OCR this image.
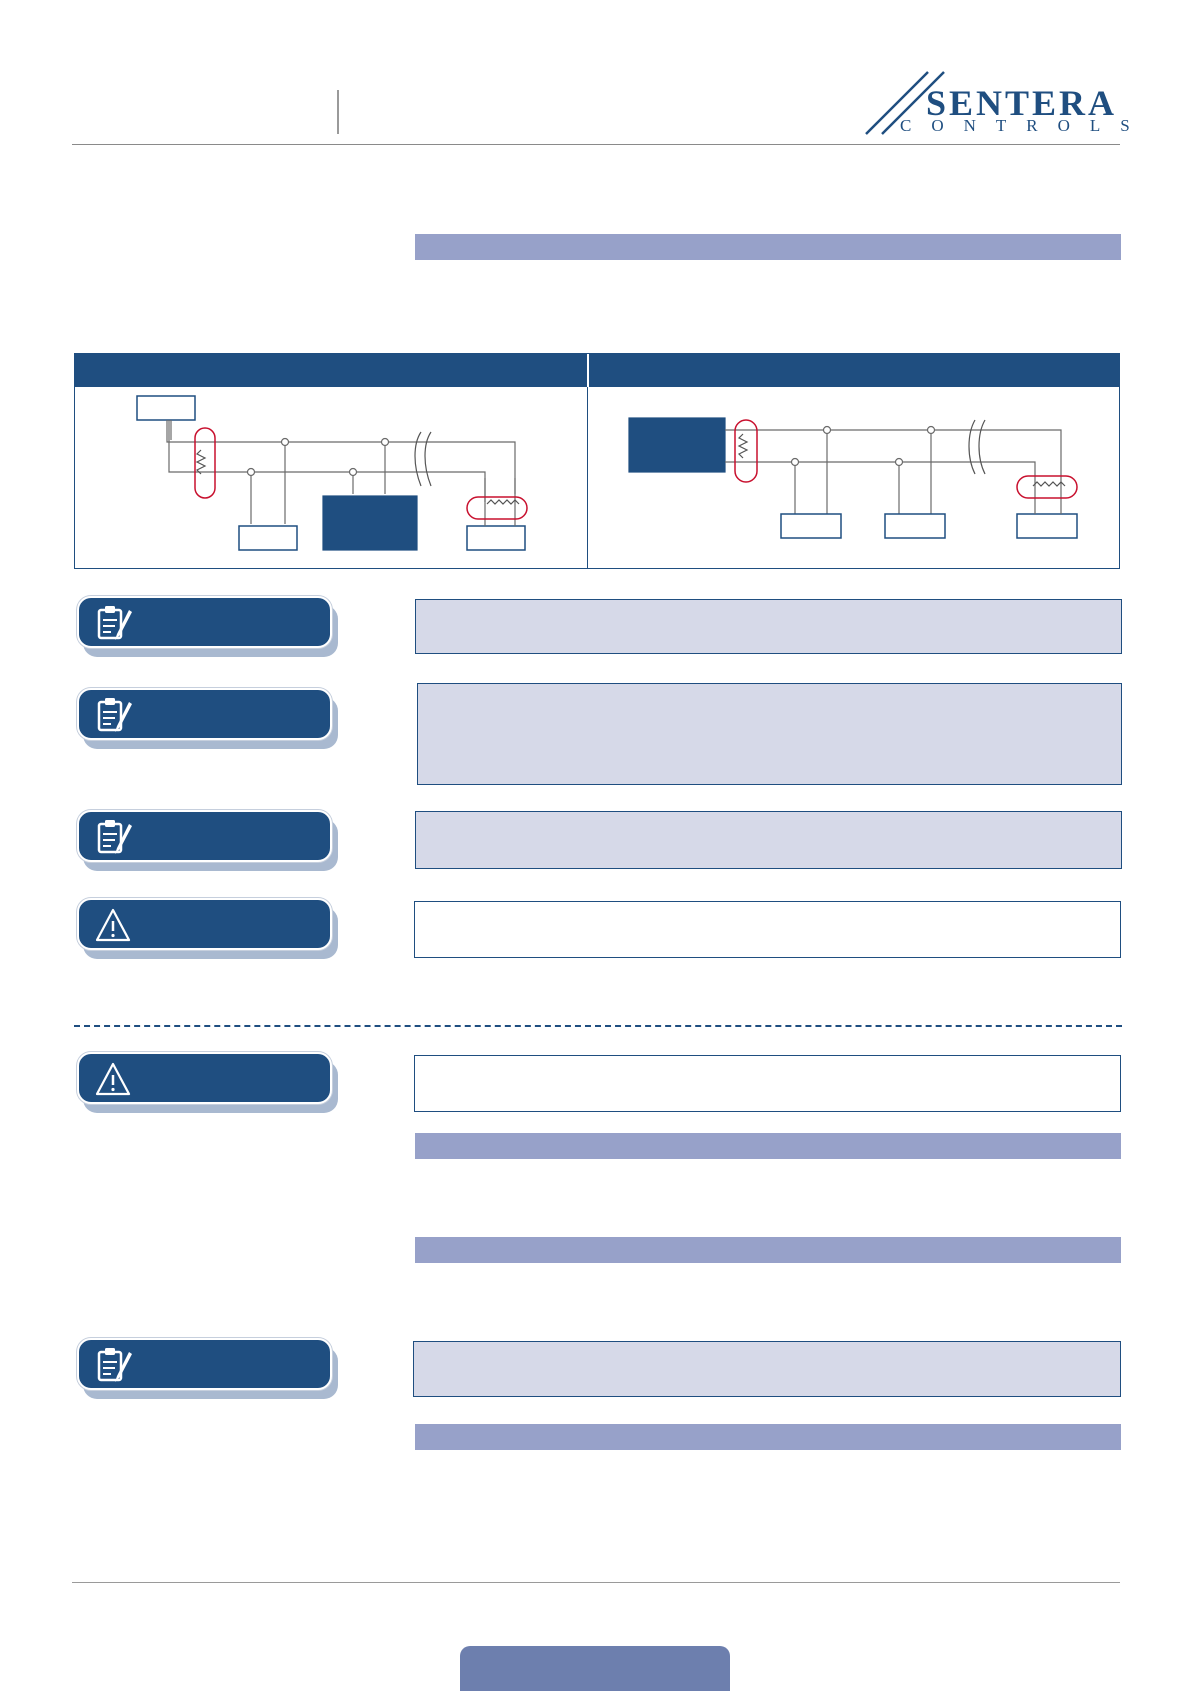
SENTERA
CONTROLS
